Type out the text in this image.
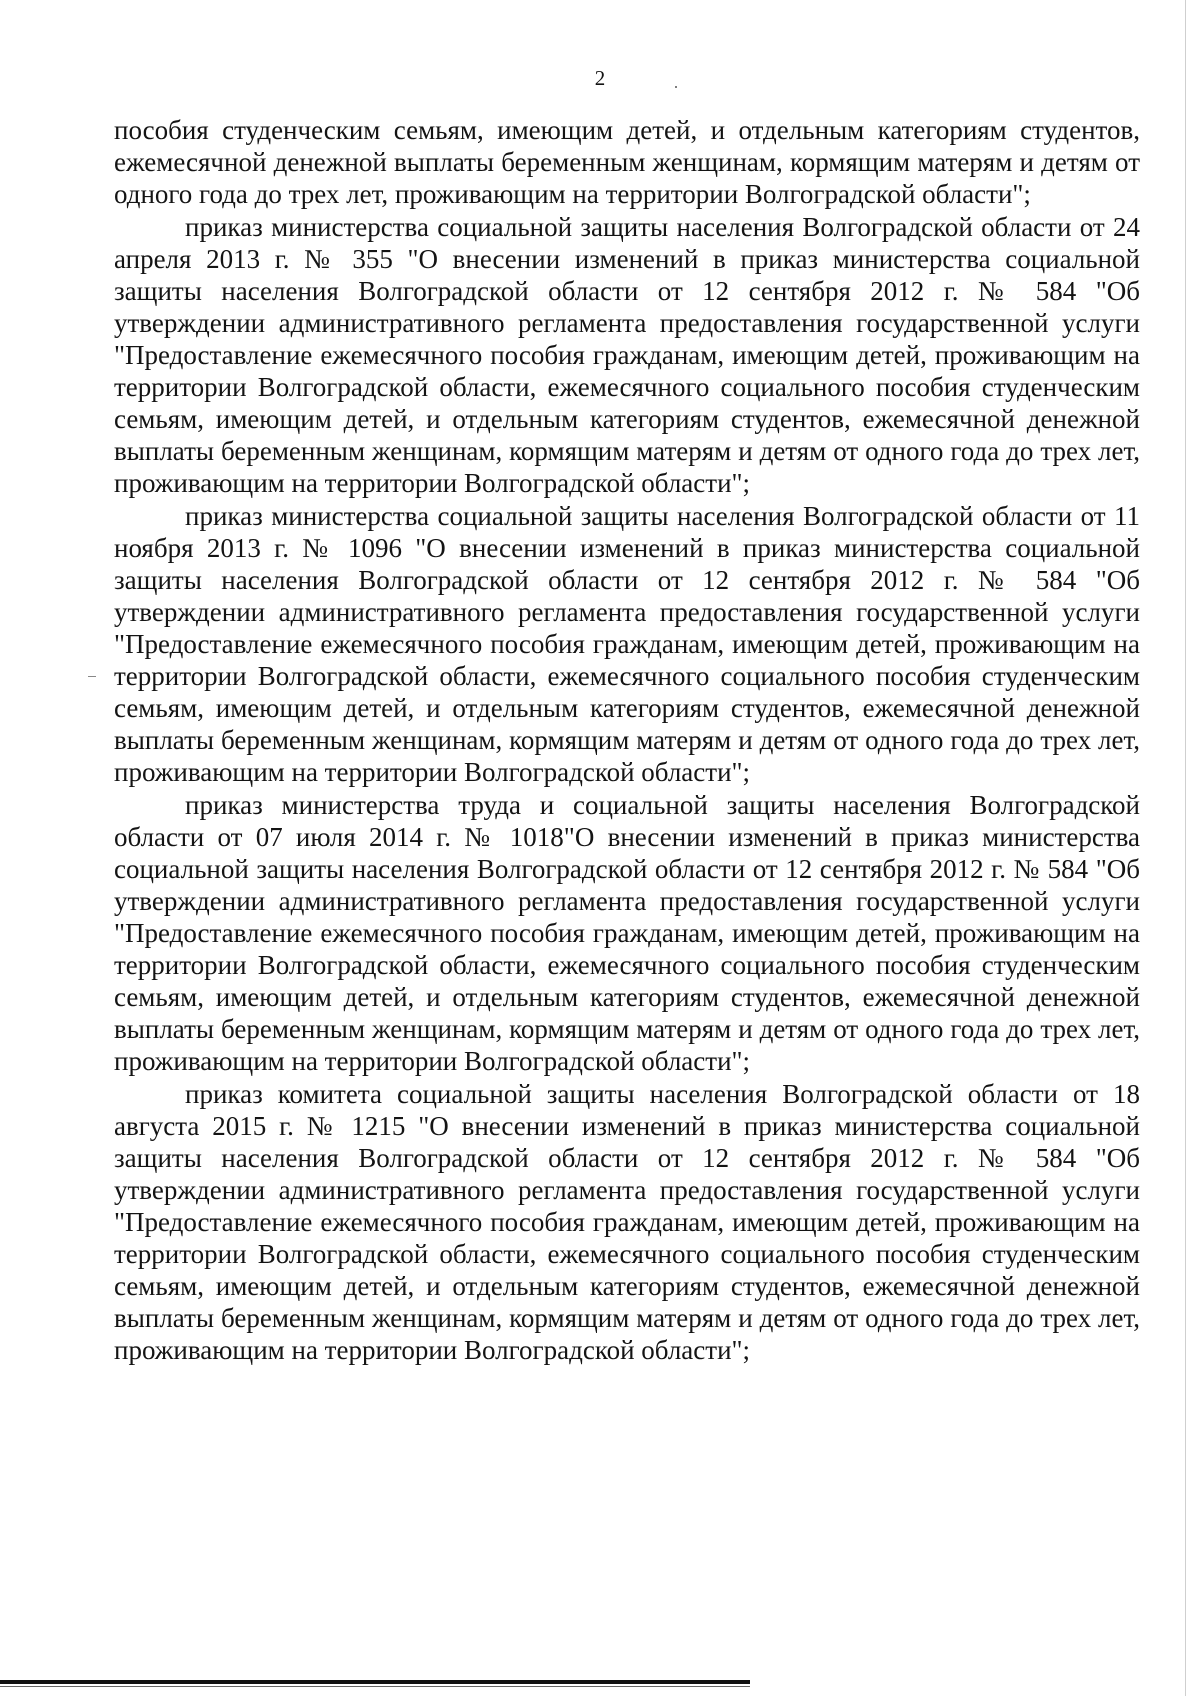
2

пособия студенческим семьям, имеющим детей, и отдельным категориям студентов, ежемесячной денежной выплаты беременным женщинам, кормящим матерям и детям от одного года до трех лет, проживающим на территории Волгоградской области";

приказ министерства социальной защиты населения Волгоградской области от 24 апреля 2013 г. № 355 "О внесении изменений в приказ министерства социальной защиты населения Волгоградской области от 12 сентября 2012 г. № 584 "Об утверждении административного регламента предоставления государственной услуги "Предоставление ежемесячного пособия гражданам, имеющим детей, проживающим на территории Волгоградской области, ежемесячного социального пособия студенческим семьям, имеющим детей, и отдельным категориям студентов, ежемесячной денежной выплаты беременным женщинам, кормящим матерям и детям от одного года до трех лет, проживающим на территории Волгоградской области";

приказ министерства социальной защиты населения Волгоградской области от 11 ноября 2013 г. № 1096 "О внесении изменений в приказ министерства социальной защиты населения Волгоградской области от 12 сентября 2012 г. № 584 "Об утверждении административного регламента предоставления государственной услуги "Предоставление ежемесячного пособия гражданам, имеющим детей, проживающим на территории Волгоградской области, ежемесячного социального пособия студенческим семьям, имеющим детей, и отдельным категориям студентов, ежемесячной денежной выплаты беременным женщинам, кормящим матерям и детям от одного года до трех лет, проживающим на территории Волгоградской области";

приказ министерства труда и социальной защиты населения Волгоградской области от 07 июля 2014 г. № 1018"О внесении изменений в приказ министерства социальной защиты населения Волгоградской области от 12 сентября 2012 г. № 584 "Об утверждении административного регламента предоставления государственной услуги "Предоставление ежемесячного пособия гражданам, имеющим детей, проживающим на территории Волгоградской области, ежемесячного социального пособия студенческим семьям, имеющим детей, и отдельным категориям студентов, ежемесячной денежной выплаты беременным женщинам, кормящим матерям и детям от одного года до трех лет, проживающим на территории Волгоградской области";

приказ комитета социальной защиты населения Волгоградской области от 18 августа 2015 г. № 1215 "О внесении изменений в приказ министерства социальной защиты населения Волгоградской области от 12 сентября 2012 г. № 584 "Об утверждении административного регламента предоставления государственной услуги "Предоставление ежемесячного пособия гражданам, имеющим детей, проживающим на территории Волгоградской области, ежемесячного социального пособия студенческим семьям, имеющим детей, и отдельным категориям студентов, ежемесячной денежной выплаты беременным женщинам, кормящим матерям и детям от одного года до трех лет, проживающим на территории Волгоградской области";
